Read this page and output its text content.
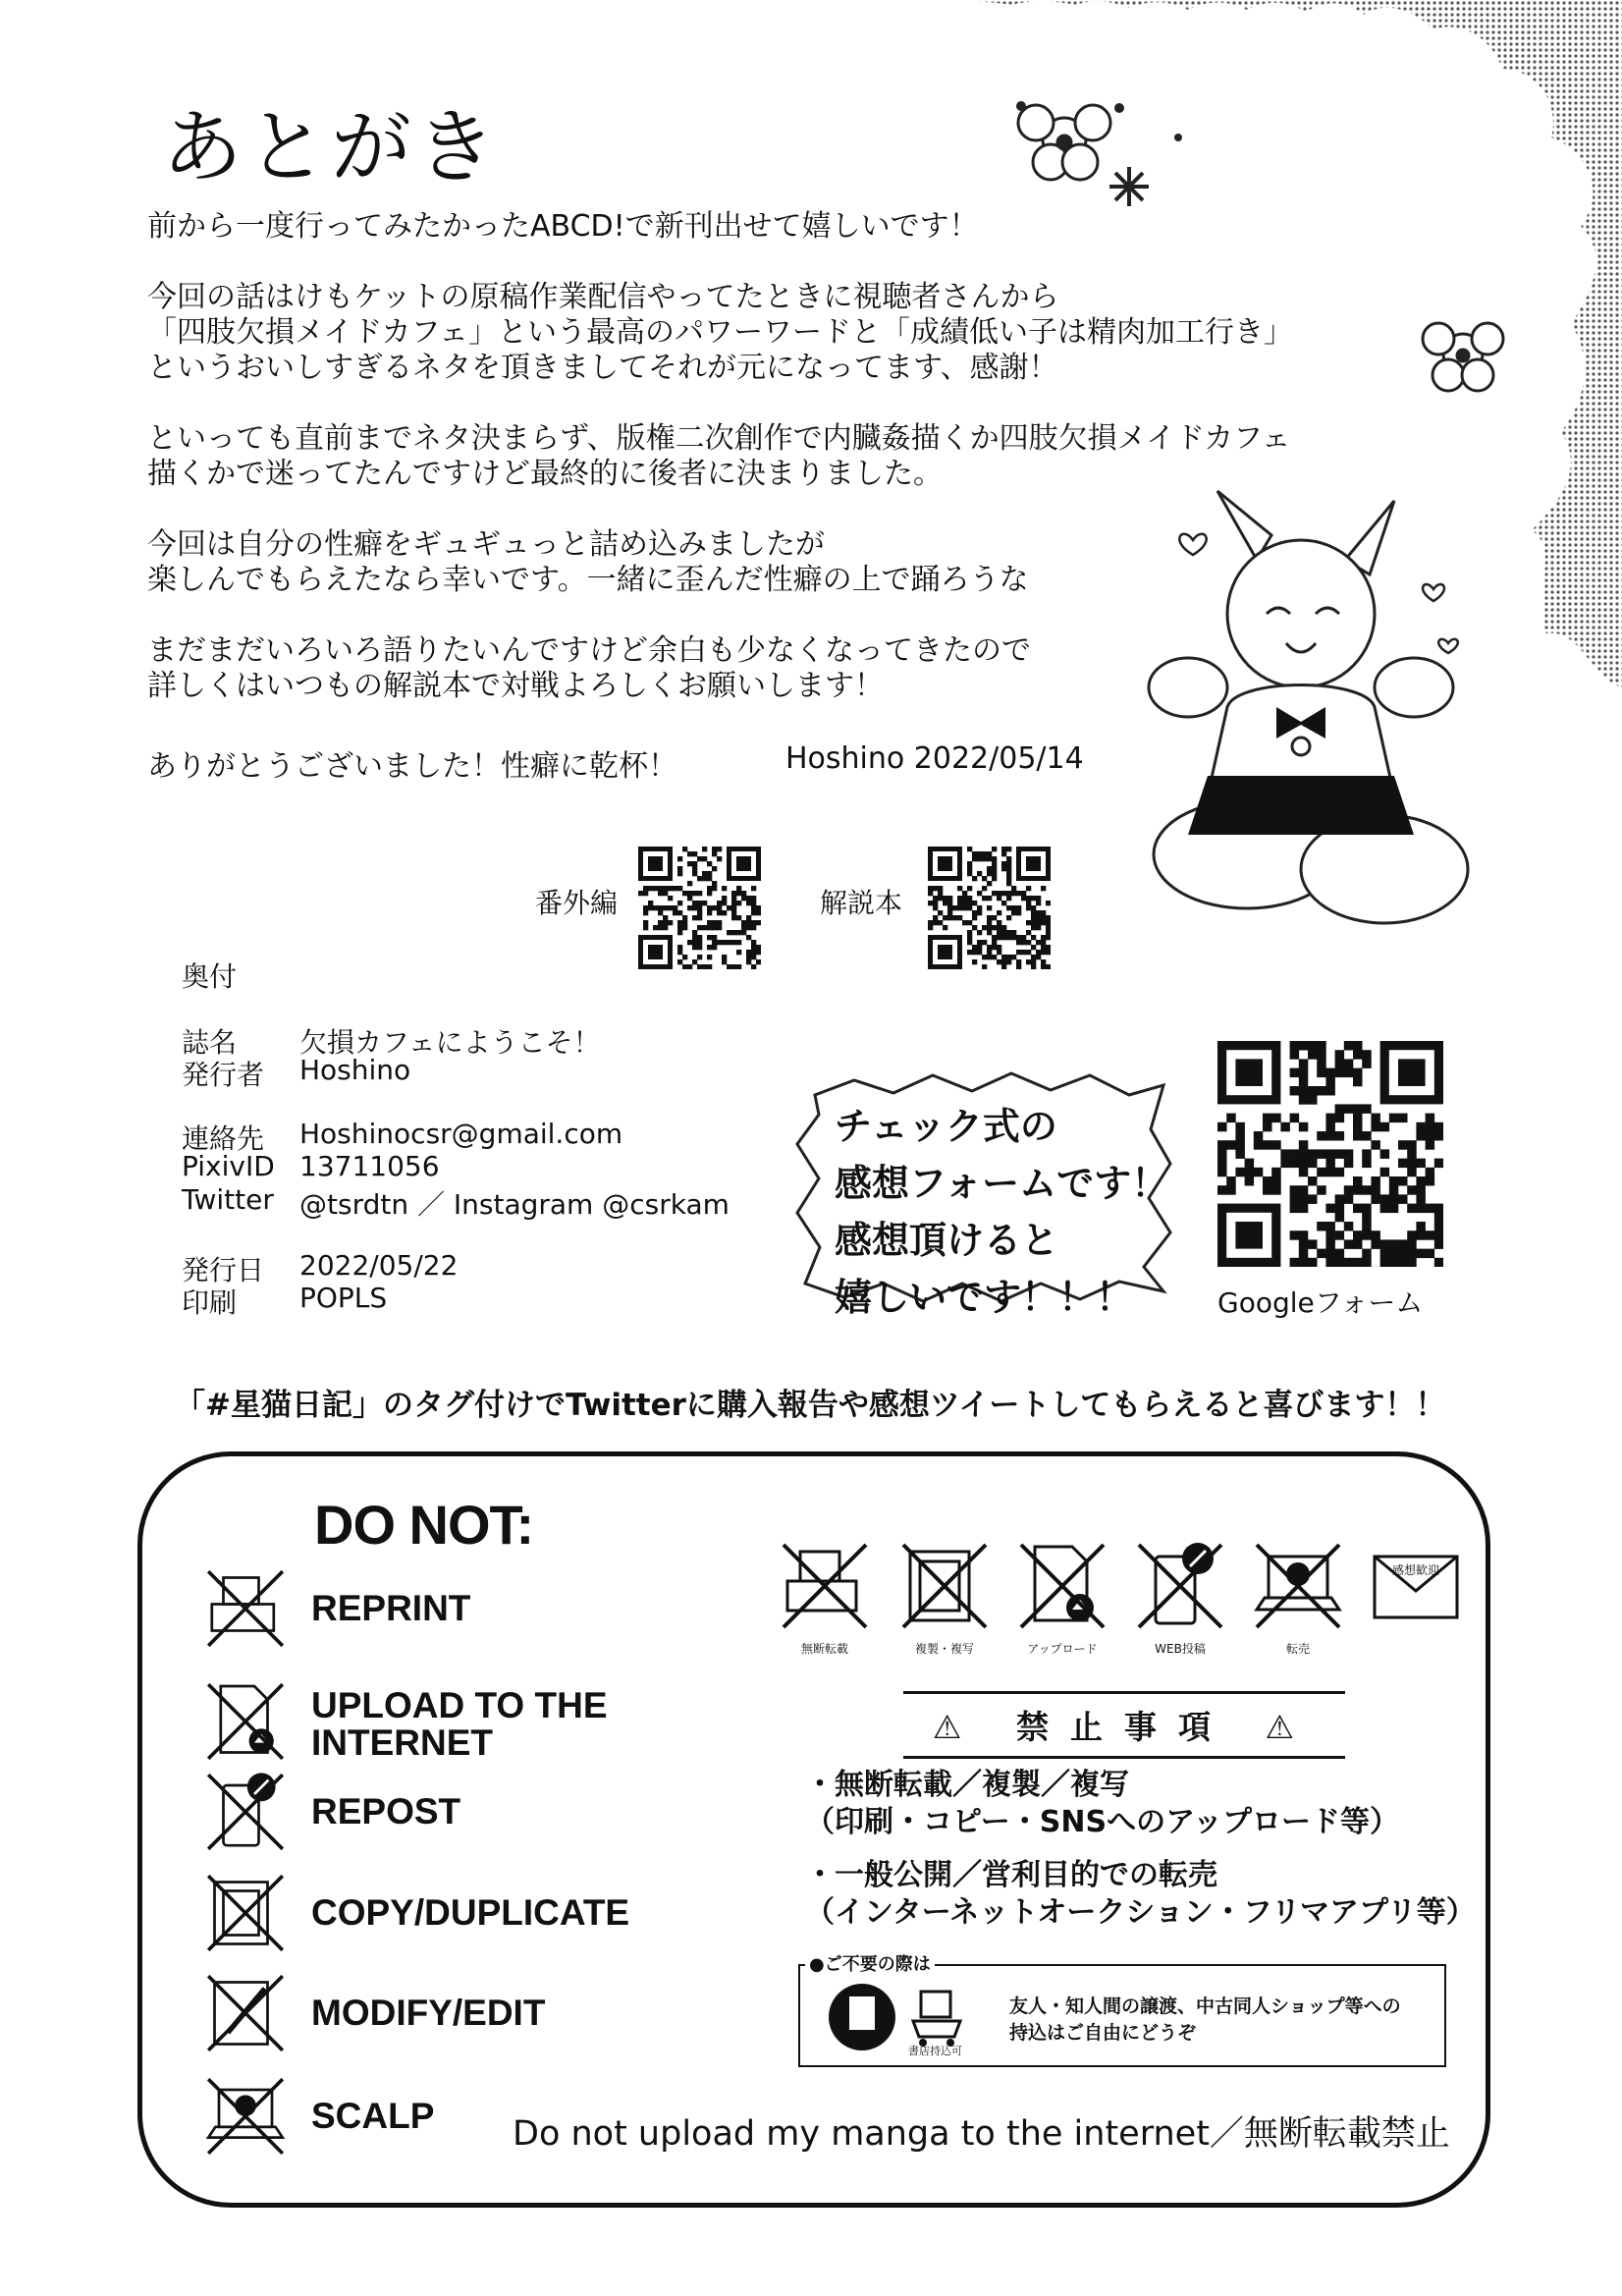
あとがき
前から一度行ってみたかったABCD!で新刊出せて嬉しいです！
今回の話はけもケットの原稿作業配信やってたときに視聴者さんから
「四肢欠損メイドカフェ」という最高のパワーワードと「成績低い子は精肉加工行き」
というおいしすぎるネタを頂きましてそれが元になってます、感謝！
といっても直前までネタ決まらず、版権二次創作で内臓姦描くか四肢欠損メイドカフェ
描くかで迷ってたんですけど最終的に後者に決まりました。
今回は自分の性癖をギュギュっと詰め込みましたが
楽しんでもらえたなら幸いです。一緒に歪んだ性癖の上で踊ろうな
まだまだいろいろ語りたいんですけど余白も少なくなってきたので
詳しくはいつもの解説本で対戦よろしくお願いします！
ありがとうございました！性癖に乾杯！	Hoshino 2022/05/14
番外編	解説本
奥付
誌名 欠損カフェにようこそ！
発行者 Hoshino
連絡先 Hoshinocsr@gmail.com
PixivID 13711056
Twitter @tsrdtn ／ Instagram @csrkam
発行日 2022/05/22
印刷 POPLS
チェック式の
感想フォームです！
感想頂けると
嬉しいです！！！	Googleフォーム
「#星猫日記」のタグ付けでTwitterに購入報告や感想ツイートしてもらえると喜びます！！
DO NOT:
REPRINT
UPLOAD TO THE
INTERNET
REPOST
COPY/DUPLICATE
MODIFY/EDIT
SCALP
無断転載	複製・複写	アップロード	WEB投稿	転売
感想歓迎
⚠ 禁止事項 ⚠
・無断転載／複製／複写
（印刷・コピー・SNSへのアップロード等）
・一般公開／営利目的での転売
（インターネットオークション・フリマアプリ等）
●ご不要の際は
書店持込可
友人・知人間の譲渡、中古同人ショップ等への
持込はご自由にどうぞ
Do not upload my manga to the internet／無断転載禁止
